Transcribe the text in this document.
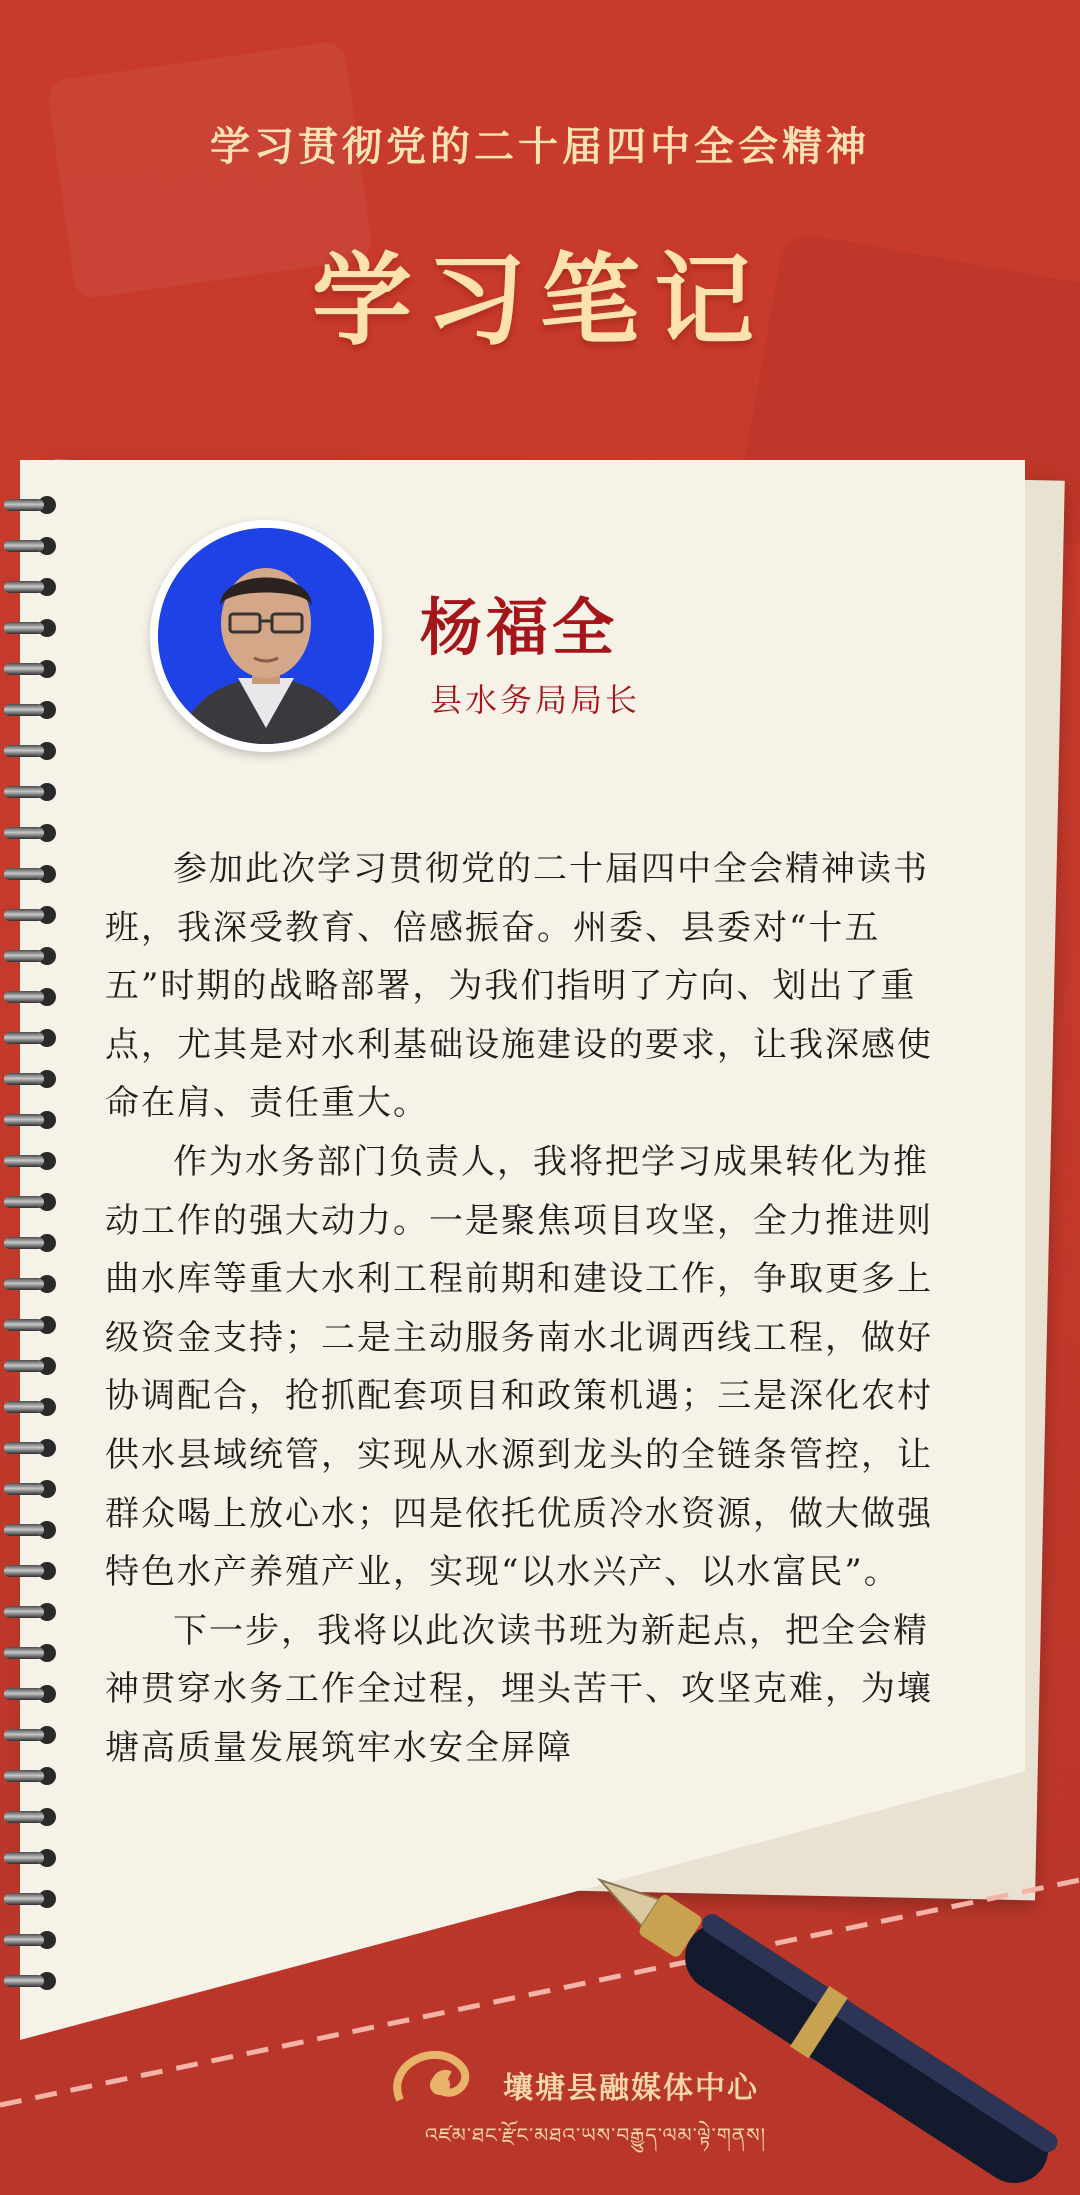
学习贯彻党的二十届四中全会精神
学习笔记
杨福全
县水务局局长

参加此次学习贯彻党的二十届四中全会精神读书班，我深受教育、倍感振奋。州委、县委对“十五五”时期的战略部署，为我们指明了方向、划出了重点，尤其是对水利基础设施建设的要求，让我深感使命在肩、责任重大。

作为水务部门负责人，我将把学习成果转化为推动工作的强大动力。一是聚焦项目攻坚，全力推进则曲水库等重大水利工程前期和建设工作，争取更多上级资金支持；二是主动服务南水北调西线工程，做好协调配合，抢抓配套项目和政策机遇；三是深化农村供水县域统管，实现从水源到龙头的全链条管控，让群众喝上放心水；四是依托优质冷水资源，做大做强特色水产养殖产业，实现“以水兴产、以水富民”。

下一步，我将以此次读书班为新起点，把全会精神贯穿水务工作全过程，埋头苦干、攻坚克难，为壤塘高质量发展筑牢水安全屏障

壤塘县融媒体中心
འཛམ་ཐང་རྫོང་མཐའ་ཡས་བརྒྱུད་ལམ་ལྟེ་གནས།
